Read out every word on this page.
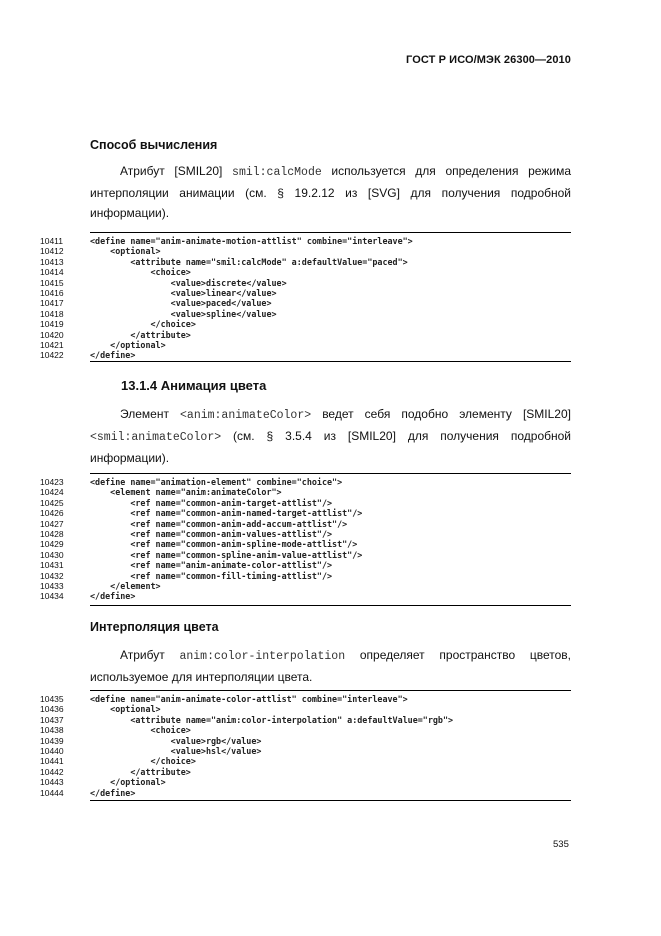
ГОСТ Р ИСО/МЭК 26300—2010
Способ вычисления
Атрибут [SMIL20] smil:calcMode используется для определения режима интерполяции анимации (см. § 19.2.12 из [SVG] для получения подробной информации).
10411	<define name="anim-animate-motion-attlist" combine="interleave">
10412	<optional>
10413	<attribute name="smil:calcMode" a:defaultValue="paced">
10414	<choice>
10415	<value>discrete</value>
10416	<value>linear</value>
10417	<value>paced</value>
10418	<value>spline</value>
10419	</choice>
10420	</attribute>
10421	</optional>
10422	</define>
13.1.4 Анимация цвета
Элемент <anim:animateColor> ведет себя подобно элементу [SMIL20] <smil:animateColor> (см. § 3.5.4 из [SMIL20] для получения подробной информации).
10423	<define name="animation-element" combine="choice">
10424	<element name="anim:animateColor">
10425	<ref name="common-anim-target-attlist"/>
10426	<ref name="common-anim-named-target-attlist"/>
10427	<ref name="common-anim-add-accum-attlist"/>
10428	<ref name="common-anim-values-attlist"/>
10429	<ref name="common-anim-spline-mode-attlist"/>
10430	<ref name="common-spline-anim-value-attlist"/>
10431	<ref name="anim-animate-color-attlist"/>
10432	<ref name="common-fill-timing-attlist"/>
10433	</element>
10434	</define>
Интерполяция цвета
Атрибут anim:color-interpolation определяет пространство цветов, используемое для интерполяции цвета.
10435	<define name="anim-animate-color-attlist" combine="interleave">
10436	<optional>
10437	<attribute name="anim:color-interpolation" a:defaultValue="rgb">
10438	<choice>
10439	<value>rgb</value>
10440	<value>hsl</value>
10441	</choice>
10442	</attribute>
10443	</optional>
10444	</define>
535
